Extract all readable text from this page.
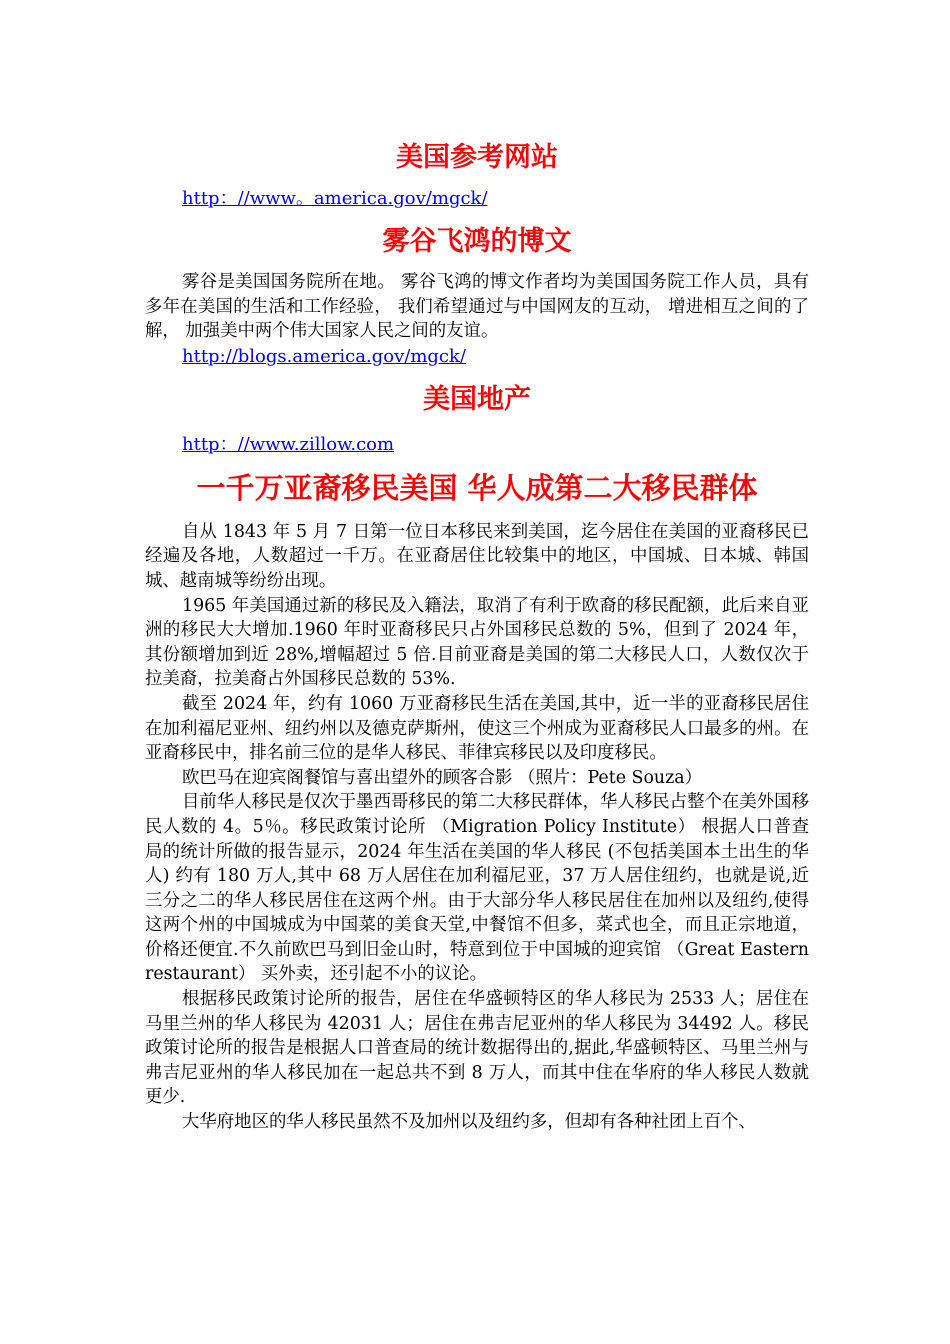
美国参考网站

http：//www。america.gov/mgck/

雾谷飞鸿的博文

雾谷是美国国务院所在地。 雾谷飞鸿的博文作者均为美国国务院工作人员，具有多年在美国的生活和工作经验， 我们希望通过与中国网友的互动， 增进相互之间的了解， 加强美中两个伟大国家人民之间的友谊。

http://blogs.america.gov/mgck/

美国地产

http：//www.zillow.com

一千万亚裔移民美国 华人成第二大移民群体

自从 1843 年 5 月 7 日第一位日本移民来到美国，迄今居住在美国的亚裔移民已经遍及各地，人数超过一千万。在亚裔居住比较集中的地区，中国城、日本城、韩国城、越南城等纷纷出现。

1965 年美国通过新的移民及入籍法，取消了有利于欧裔的移民配额，此后来自亚洲的移民大大增加.1960 年时亚裔移民只占外国移民总数的 5%，但到了 2024 年，其份额增加到近 28%,增幅超过 5 倍.目前亚裔是美国的第二大移民人口，人数仅次于拉美裔，拉美裔占外国移民总数的 53%.

截至 2024 年，约有 1060 万亚裔移民生活在美国,其中，近一半的亚裔移民居住在加利福尼亚州、纽约州以及德克萨斯州，使这三个州成为亚裔移民人口最多的州。在亚裔移民中，排名前三位的是华人移民、菲律宾移民以及印度移民。

欧巴马在迎宾阁餐馆与喜出望外的顾客合影 （照片：Pete Souza）

目前华人移民是仅次于墨西哥移民的第二大移民群体，华人移民占整个在美外国移民人数的 4。5％。移民政策讨论所 （Migration Policy Institute） 根据人口普查局的统计所做的报告显示，2024 年生活在美国的华人移民 (不包括美国本土出生的华人) 约有 180 万人,其中 68 万人居住在加利福尼亚，37 万人居住纽约，也就是说,近三分之二的华人移民居住在这两个州。由于大部分华人移民居住在加州以及纽约,使得这两个州的中国城成为中国菜的美食天堂,中餐馆不但多，菜式也全，而且正宗地道，价格还便宜.不久前欧巴马到旧金山时，特意到位于中国城的迎宾馆 （Great Eastern restaurant） 买外卖，还引起不小的议论。

根据移民政策讨论所的报告，居住在华盛顿特区的华人移民为 2533 人；居住在马里兰州的华人移民为 42031 人；居住在弗吉尼亚州的华人移民为 34492 人。移民政策讨论所的报告是根据人口普查局的统计数据得出的,据此,华盛顿特区、马里兰州与弗吉尼亚州的华人移民加在一起总共不到 8 万人，而其中住在华府的华人移民人数就更少.

大华府地区的华人移民虽然不及加州以及纽约多，但却有各种社团上百个、
